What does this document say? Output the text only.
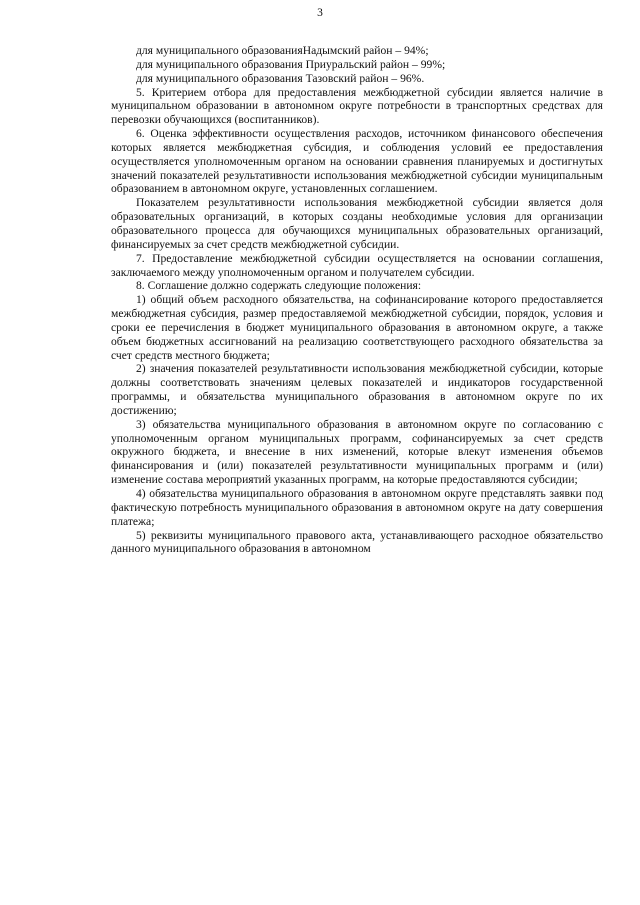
3

для муниципального образованияНадымский район – 94%;

для муниципального образования Приуральский район – 99%;

для муниципального образования Тазовский район – 96%.

5. Критерием отбора для предоставления межбюджетной субсидии является наличие в муниципальном образовании в автономном округе потребности в транспортных средствах для перевозки обучающихся (воспитанников).

6. Оценка эффективности осуществления расходов, источником финансового обеспечения которых является межбюджетная субсидия, и соблюдения условий ее предоставления осуществляется уполномоченным органом на основании сравнения планируемых и достигнутых значений показателей результативности использования межбюджетной субсидии муниципальным образованием в автономном округе, установленных соглашением.

Показателем результативности использования межбюджетной субсидии является доля образовательных организаций, в которых созданы необходимые условия для организации образовательного процесса для обучающихся муниципальных образовательных организаций, финансируемых за счет средств межбюджетной субсидии.

7. Предоставление межбюджетной субсидии осуществляется на основании соглашения, заключаемого между уполномоченным органом и получателем субсидии.

8. Соглашение должно содержать следующие положения:

1) общий объем расходного обязательства, на софинансирование которого предоставляется межбюджетная субсидия, размер предоставляемой межбюджетной субсидии, порядок, условия и сроки ее перечисления в бюджет муниципального образования в автономном округе, а также объем бюджетных ассигнований на реализацию соответствующего расходного обязательства за счет средств местного бюджета;

2) значения показателей результативности использования межбюджетной субсидии, которые должны соответствовать значениям целевых показателей и индикаторов государственной программы, и обязательства муниципального образования в автономном округе по их достижению;

3) обязательства муниципального образования в автономном округе по согласованию с уполномоченным органом муниципальных программ, софинансируемых за счет средств окружного бюджета, и внесение в них изменений, которые влекут изменения объемов финансирования и (или) показателей результативности муниципальных программ и (или) изменение состава мероприятий указанных программ, на которые предоставляются субсидии;

4) обязательства муниципального образования в автономном округе представлять заявки под фактическую потребность муниципального образования в автономном округе на дату совершения платежа;

5) реквизиты муниципального правового акта, устанавливающего расходное обязательство данного муниципального образования в автономном
